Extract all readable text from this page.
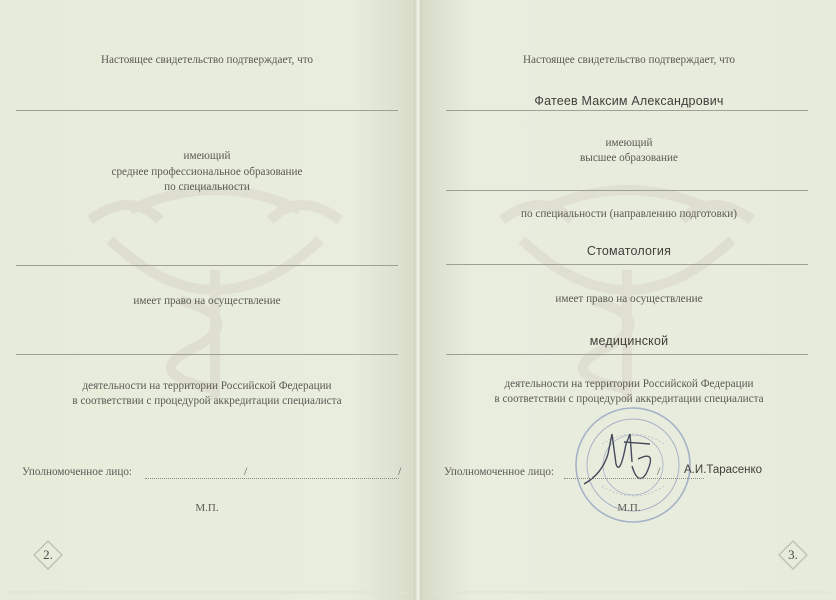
Настоящее свидетельство подтверждает, что
имеющий
среднее профессиональное образование
по специальности
имеет право на осуществление
деятельности на территории Российской Федерации
в соответствии с процедурой аккредитации специалиста
Уполномоченное лицо:	/	/
М.П.
2.
Настоящее свидетельство подтверждает, что
Фатеев Максим Александрович
имеющий
высшее образование
по специальности (направлению подготовки)
Стоматология
имеет право на осуществление
медицинской
деятельности на территории Российской Федерации
в соответствии с процедурой аккредитации специалиста
Уполномоченное лицо:	/ А.И.Тарасенко
М.П.
3.
